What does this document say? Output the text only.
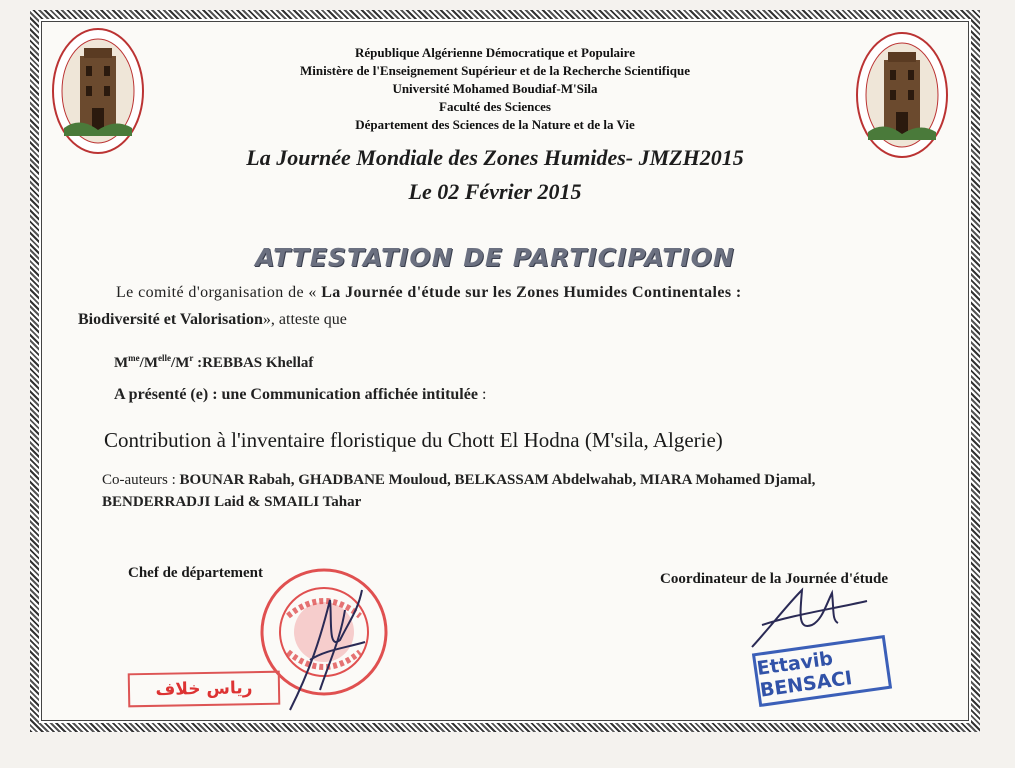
République Algérienne Démocratique et Populaire
Ministère de l'Enseignement Supérieur et de la Recherche Scientifique
Université Mohamed Boudiaf-M'Sila
Faculté des Sciences
Département des Sciences de la Nature et de la Vie
La Journée Mondiale des Zones Humides- JMZH2015
Le 02 Février 2015
ATTESTATION DE PARTICIPATION
Le comité d'organisation de « La Journée d'étude sur les Zones Humides Continentales :
Biodiversité et Valorisation», atteste que
$M^{me}/M^{elle}/M^r$ :REBBAS Khellaf
A présenté (e) : une Communication affichée intitulée :
Contribution à l'inventaire floristique du Chott El Hodna (M'sila, Algerie)
Co-auteurs : BOUNAR Rabah, GHADBANE Mouloud, BELKASSAM Abdelwahab, MIARA Mohamed Djamal,
BENDERRADJI Laid & SMAILI Tahar
Chef de département	Coordinateur de la Journée d'étude
رياس خلاف
Ettavib BENSACI
